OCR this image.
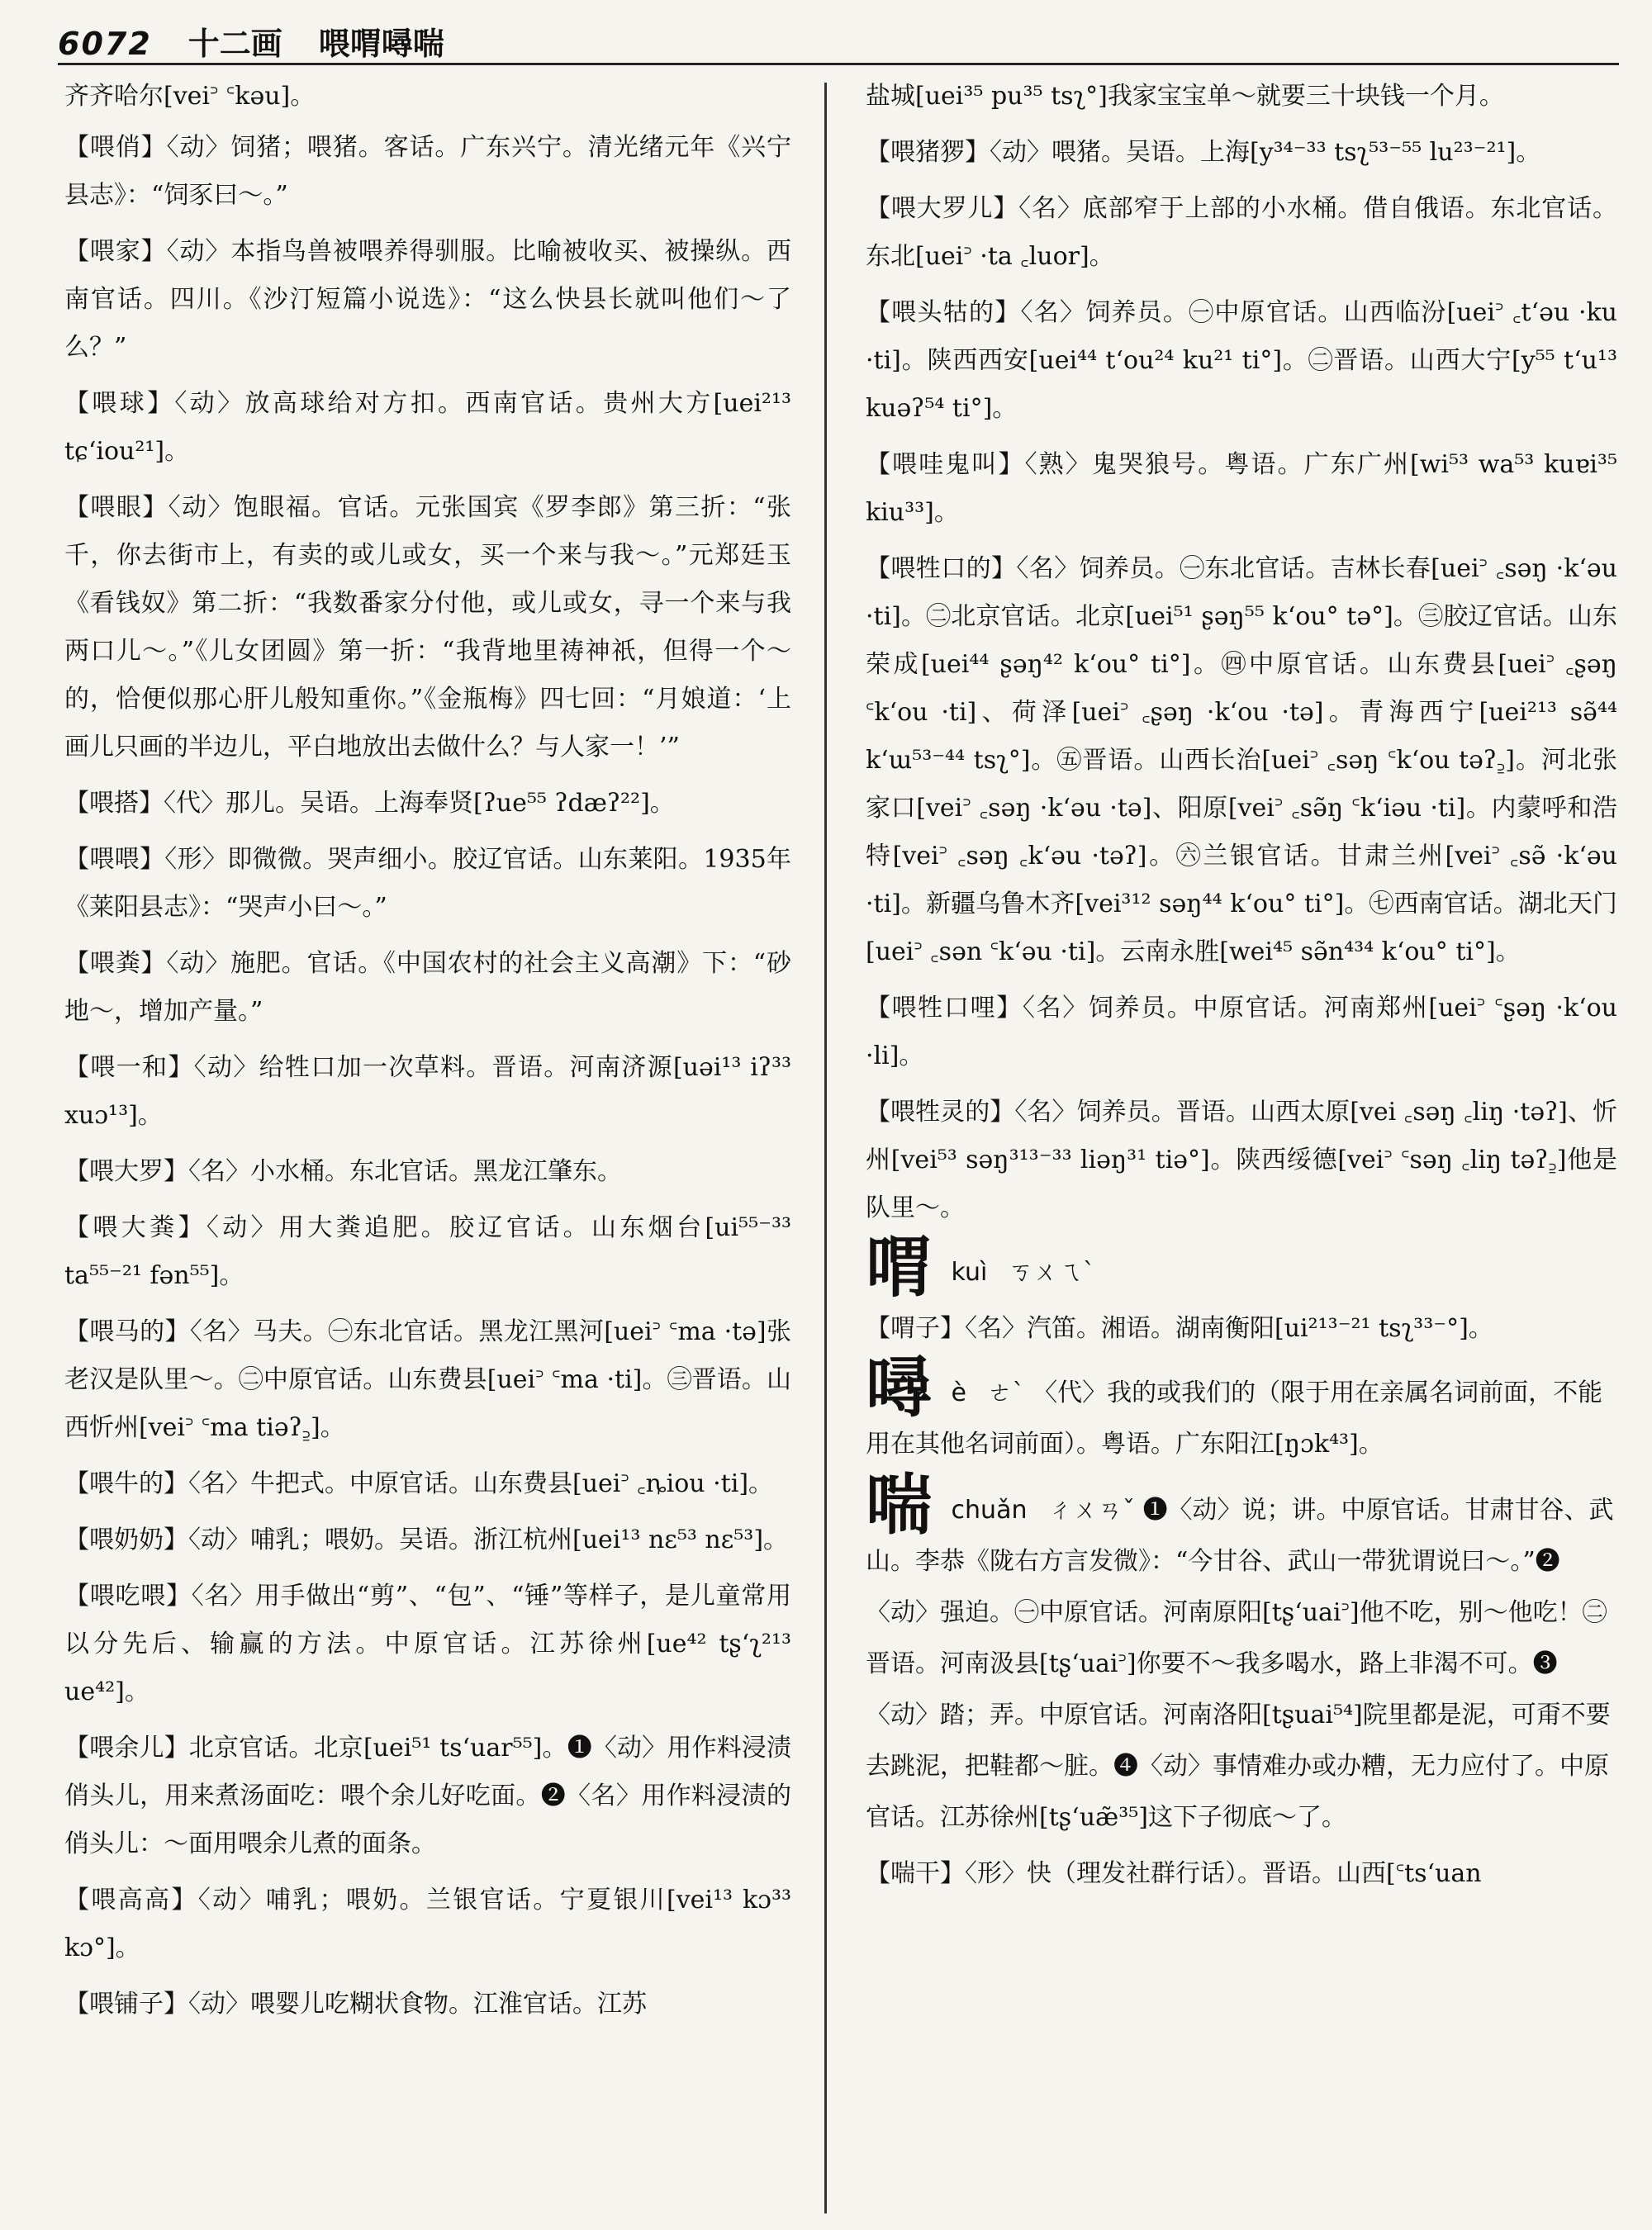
6072 十二画 喂喟噚喘

齐齐哈尔[vei꜄ ꜂kəu]。

【喂俏】〈动〉饲猪；喂猪。客话。广东兴宁。清光绪元年《兴宁县志》：“饲豕曰～。”

【喂家】〈动〉本指鸟兽被喂养得驯服。比喻被收买、被操纵。西南官话。四川。《沙汀短篇小说选》：“这么快县长就叫他们～了么？”

【喂球】〈动〉放高球给对方扣。西南官话。贵州大方[uei²¹³ tɕʻiou²¹]。

【喂眼】〈动〉饱眼福。官话。元张国宾《罗李郎》第三折：“张千，你去街市上，有卖的或儿或女，买一个来与我～。”元郑廷玉《看钱奴》第二折：“我数番家分付他，或儿或女，寻一个来与我两口儿～。”《儿女团圆》第一折：“我背地里祷神祇，但得一个～的，恰便似那心肝儿般知重你。”《金瓶梅》四七回：“月娘道：‘上画儿只画的半边儿，平白地放出去做什么？与人家一！’”

【喂搭】〈代〉那儿。吴语。上海奉贤[ʔue⁵⁵ ʔdæʔ²²]。

【喂喂】〈形〉即微微。哭声细小。胶辽官话。山东莱阳。1935年《莱阳县志》：“哭声小曰～。”

【喂粪】〈动〉施肥。官话。《中国农村的社会主义高潮》下：“砂地～，增加产量。”

【喂一和】〈动〉给牲口加一次草料。晋语。河南济源[uəi¹³ iʔ³³ xuɔ¹³]。

【喂大罗】〈名〉小水桶。东北官话。黑龙江肇东。

【喂大粪】〈动〉用大粪追肥。胶辽官话。山东烟台[ui⁵⁵⁻³³ ta⁵⁵⁻²¹ fən⁵⁵]。

【喂马的】〈名〉马夫。㊀东北官话。黑龙江黑河[uei꜄ ꜂ma ·tə]张老汉是队里～。㊁中原官话。山东费县[uei꜄ ꜂ma ·ti]。㊂晋语。山西忻州[vei꜄ ꜂ma tiəʔ꜇]。

【喂牛的】〈名〉牛把式。中原官话。山东费县[uei꜄ ꜀ȵiou ·ti]。

【喂奶奶】〈动〉哺乳；喂奶。吴语。浙江杭州[uei¹³ nɛ⁵³ nɛ⁵³]。

【喂吃喂】〈名〉用手做出“剪”、“包”、“锤”等样子，是儿童常用以分先后、输赢的方法。中原官话。江苏徐州[ue⁴² tʂʻʅ²¹³ ue⁴²]。

【喂余儿】北京官话。北京[uei⁵¹ tsʻuar⁵⁵]。❶〈动〉用作料浸渍俏头儿，用来煮汤面吃：喂个余儿好吃面。❷〈名〉用作料浸渍的俏头儿：～面用喂余儿煮的面条。

【喂高高】〈动〉哺乳；喂奶。兰银官话。宁夏银川[vei¹³ kɔ³³ kɔ°]。

【喂铺子】〈动〉喂婴儿吃糊状食物。江淮官话。江苏

盐城[uei³⁵ pu³⁵ tsʅ°]我家宝宝单～就要三十块钱一个月。

【喂猪猡】〈动〉喂猪。吴语。上海[y³⁴⁻³³ tsʅ⁵³⁻⁵⁵ lu²³⁻²¹]。

【喂大罗儿】〈名〉底部窄于上部的小水桶。借自俄语。东北官话。东北[uei꜄ ·ta ꜀luor]。

【喂头牯的】〈名〉饲养员。㊀中原官话。山西临汾[uei꜄ ꜀tʻəu ·ku ·ti]。陕西西安[uei⁴⁴ tʻou²⁴ ku²¹ ti°]。㊁晋语。山西大宁[y⁵⁵ tʻu¹³ kuəʔ⁵⁴ ti°]。

【喂哇鬼叫】〈熟〉鬼哭狼号。粤语。广东广州[wi⁵³ wa⁵³ kuɐi³⁵ kiu³³]。

【喂牲口的】〈名〉饲养员。㊀东北官话。吉林长春[uei꜄ ꜀səŋ ·kʻəu ·ti]。㊁北京官话。北京[uei⁵¹ ʂəŋ⁵⁵ kʻou° tə°]。㊂胶辽官话。山东荣成[uei⁴⁴ ʂəŋ⁴² kʻou° ti°]。㊃中原官话。山东费县[uei꜄ ꜀ʂəŋ ꜂kʻou ·ti]、荷泽[uei꜄ ꜀ʂəŋ ·kʻou ·tə]。青海西宁[uei²¹³ sə̃⁴⁴ kʻɯ⁵³⁻⁴⁴ tsʅ°]。㊄晋语。山西长治[uei꜄ ꜀səŋ ꜂kʻou təʔ꜇]。河北张家口[vei꜄ ꜀səŋ ·kʻəu ·tə]、阳原[vei꜄ ꜀sə̃ŋ ꜂kʻiəu ·ti]。内蒙呼和浩特[vei꜄ ꜀səŋ ꜀kʻəu ·təʔ]。㊅兰银官话。甘肃兰州[vei꜄ ꜀sə̃ ·kʻəu ·ti]。新疆乌鲁木齐[vei³¹² səŋ⁴⁴ kʻou° ti°]。㊆西南官话。湖北天门[uei꜄ ꜀sən ꜂kʻəu ·ti]。云南永胜[wei⁴⁵ sə̃n⁴³⁴ kʻou° ti°]。

【喂牲口哩】〈名〉饲养员。中原官话。河南郑州[uei꜄ ꜂ʂəŋ ·kʻou ·li]。

【喂牲灵的】〈名〉饲养员。晋语。山西太原[vei ꜀səŋ ꜀liŋ ·təʔ]、忻州[vei⁵³ səŋ³¹³⁻³³ liəŋ³¹ tiə°]。陕西绥德[vei꜄ ꜂səŋ ꜀liŋ təʔ꜇]他是队里～。

喟 kuì ㄎㄨㄟˋ

【喟子】〈名〉汽笛。湘语。湖南衡阳[ui²¹³⁻²¹ tsʅ³³⁻°]。

噚 è ㄜˋ 〈代〉我的或我们的（限于用在亲属名词前面，不能用在其他名词前面）。粤语。广东阳江[ŋɔk⁴³]。
喘 chuǎn ㄔㄨㄢˇ ❶〈动〉说；讲。中原官话。甘肃甘谷、武山。李恭《陇右方言发微》：“今甘谷、武山一带犹谓说曰～。”❷〈动〉强迫。㊀中原官话。河南原阳[tʂʻuai꜄]他不吃，别～他吃！㊁晋语。河南汲县[tʂʻuai꜄]你要不～我多喝水，路上非渴不可。❸〈动〉踏；弄。中原官话。河南洛阳[tʂuai⁵⁴]院里都是泥，可甭不要去跳泥，把鞋都～脏。❹〈动〉事情难办或办糟，无力应付了。中原官话。江苏徐州[tʂʻuæ̃³⁵]这下子彻底～了。

【喘干】〈形〉快（理发社群行话）。晋语。山西[꜂tsʻuan
